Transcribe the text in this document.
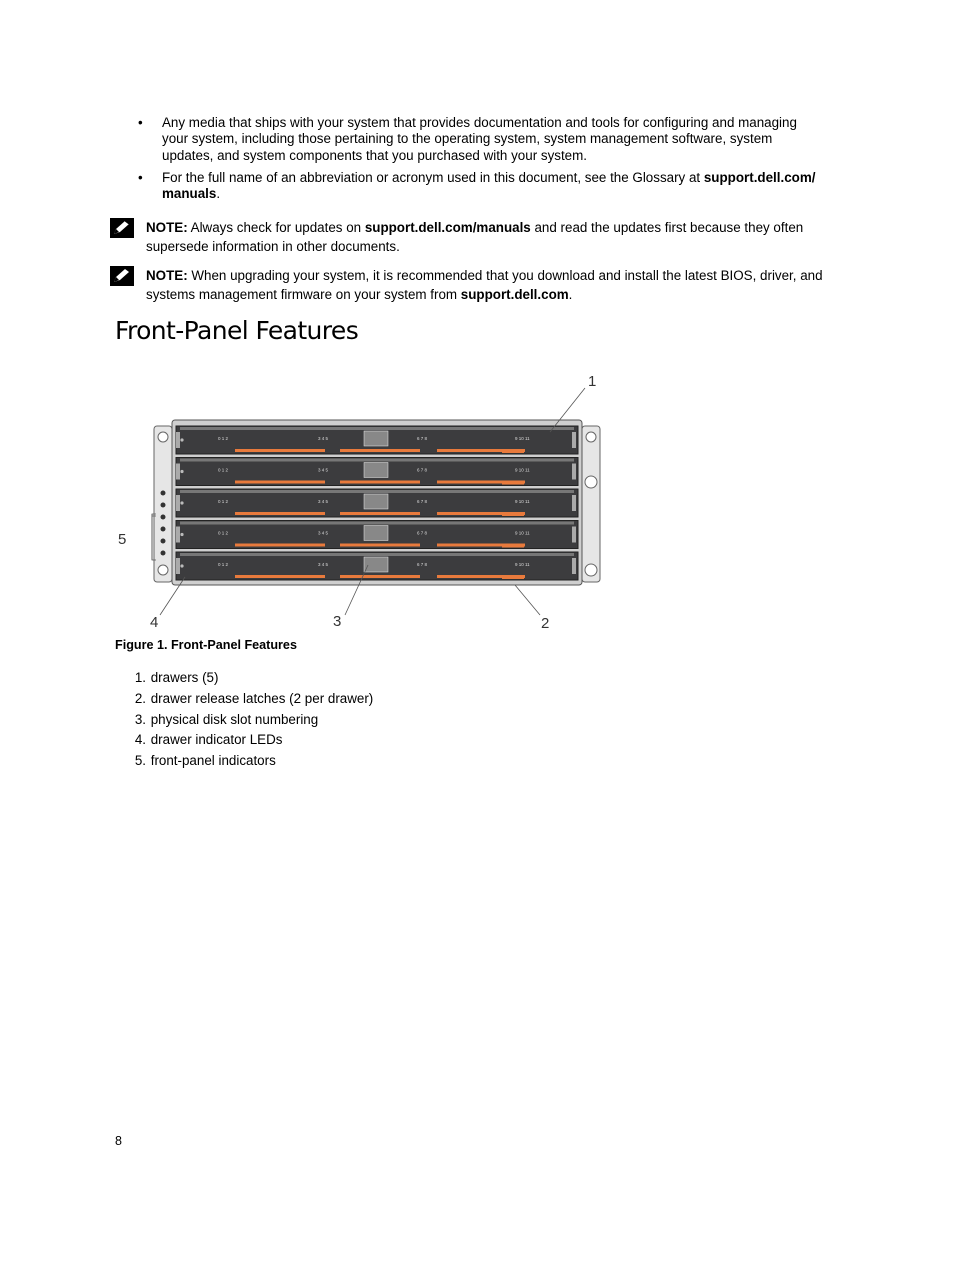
• Any media that ships with your system that provides documentation and tools for configuring and managing your system, including those pertaining to the operating system, system management software, system updates, and system components that you purchased with your system.
• For the full name of an abbreviation or acronym used in this document, see the Glossary at support.dell.com/ manuals.
NOTE: Always check for updates on support.dell.com/manuals and read the updates first because they often supersede information in other documents.
NOTE: When upgrading your system, it is recommended that you download and install the latest BIOS, driver, and systems management firmware on your system from support.dell.com.
Front-Panel Features
0 1 2	3 4 5	6 7 8	9 10 11
0 1 2	3 4 5	6 7 8	9 10 11
0 1 2	3 4 5	6 7 8	9 10 11
0 1 2	3 4 5	6 7 8	9 10 11
0 1 2	3 4 5	6 7 8	9 10 11
1
2
3
4
5
Figure 1. Front-Panel Features
1. drawers (5)
2. drawer release latches (2 per drawer)
3. physical disk slot numbering
4. drawer indicator LEDs
5. front-panel indicators
8
